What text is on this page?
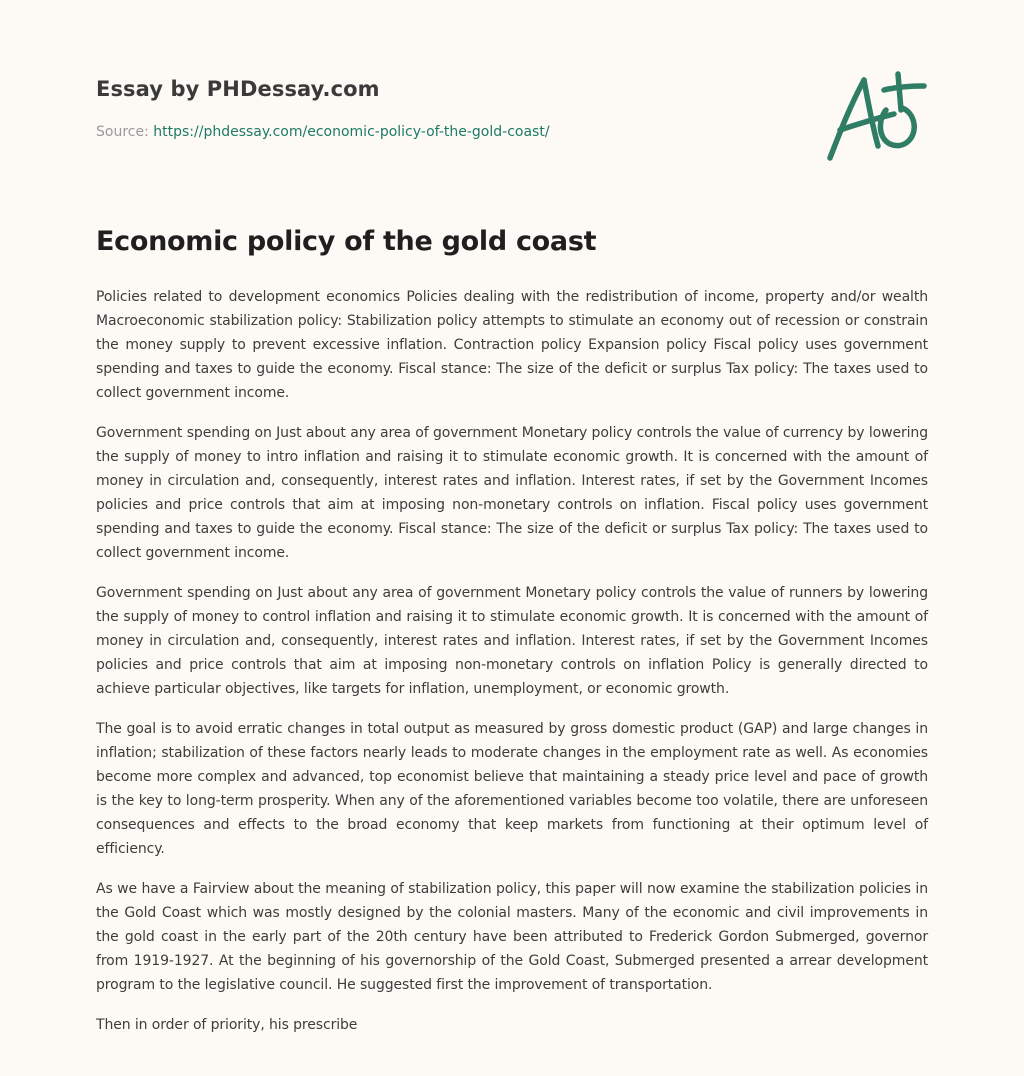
Essay by PHDessay.com
Source: https://phdessay.com/economic-policy-of-the-gold-coast/
Economic policy of the gold coast

Policies related to development economics Policies dealing with the redistribution of income, property and/or wealth Macroeconomic stabilization policy: Stabilization policy attempts to stimulate an economy out of recession or constrain the money supply to prevent excessive inflation. Contraction policy Expansion policy Fiscal policy uses government spending and taxes to guide the economy. Fiscal stance: The size of the deficit or surplus Tax policy: The taxes used to collect government income.

Government spending on Just about any area of government Monetary policy controls the value of currency by lowering the supply of money to intro inflation and raising it to stimulate economic growth. It is concerned with the amount of money in circulation and, consequently, interest rates and inflation. Interest rates, if set by the Government Incomes policies and price controls that aim at imposing non-monetary controls on inflation. Fiscal policy uses government spending and taxes to guide the economy. Fiscal stance: The size of the deficit or surplus Tax policy: The taxes used to collect government income.

Government spending on Just about any area of government Monetary policy controls the value of runners by lowering the supply of money to control inflation and raising it to stimulate economic growth. It is concerned with the amount of money in circulation and, consequently, interest rates and inflation. Interest rates, if set by the Government Incomes policies and price controls that aim at imposing non-monetary controls on inflation Policy is generally directed to achieve particular objectives, like targets for inflation, unemployment, or economic growth.

The goal is to avoid erratic changes in total output as measured by gross domestic product (GAP) and large changes in inflation; stabilization of these factors nearly leads to moderate changes in the employment rate as well. As economies become more complex and advanced, top economist believe that maintaining a steady price level and pace of growth is the key to long-term prosperity. When any of the aforementioned variables become too volatile, there are unforeseen consequences and effects to the broad economy that keep markets from functioning at their optimum level of efficiency.

As we have a Fairview about the meaning of stabilization policy, this paper will now examine the stabilization policies in the Gold Coast which was mostly designed by the colonial masters. Many of the economic and civil improvements in the gold coast in the early part of the 20th century have been attributed to Frederick Gordon Submerged, governor from 1919-1927. At the beginning of his governorship of the Gold Coast, Submerged presented a arrear development program to the legislative council. He suggested first the improvement of transportation.

Then in order of priority, his prescribe
